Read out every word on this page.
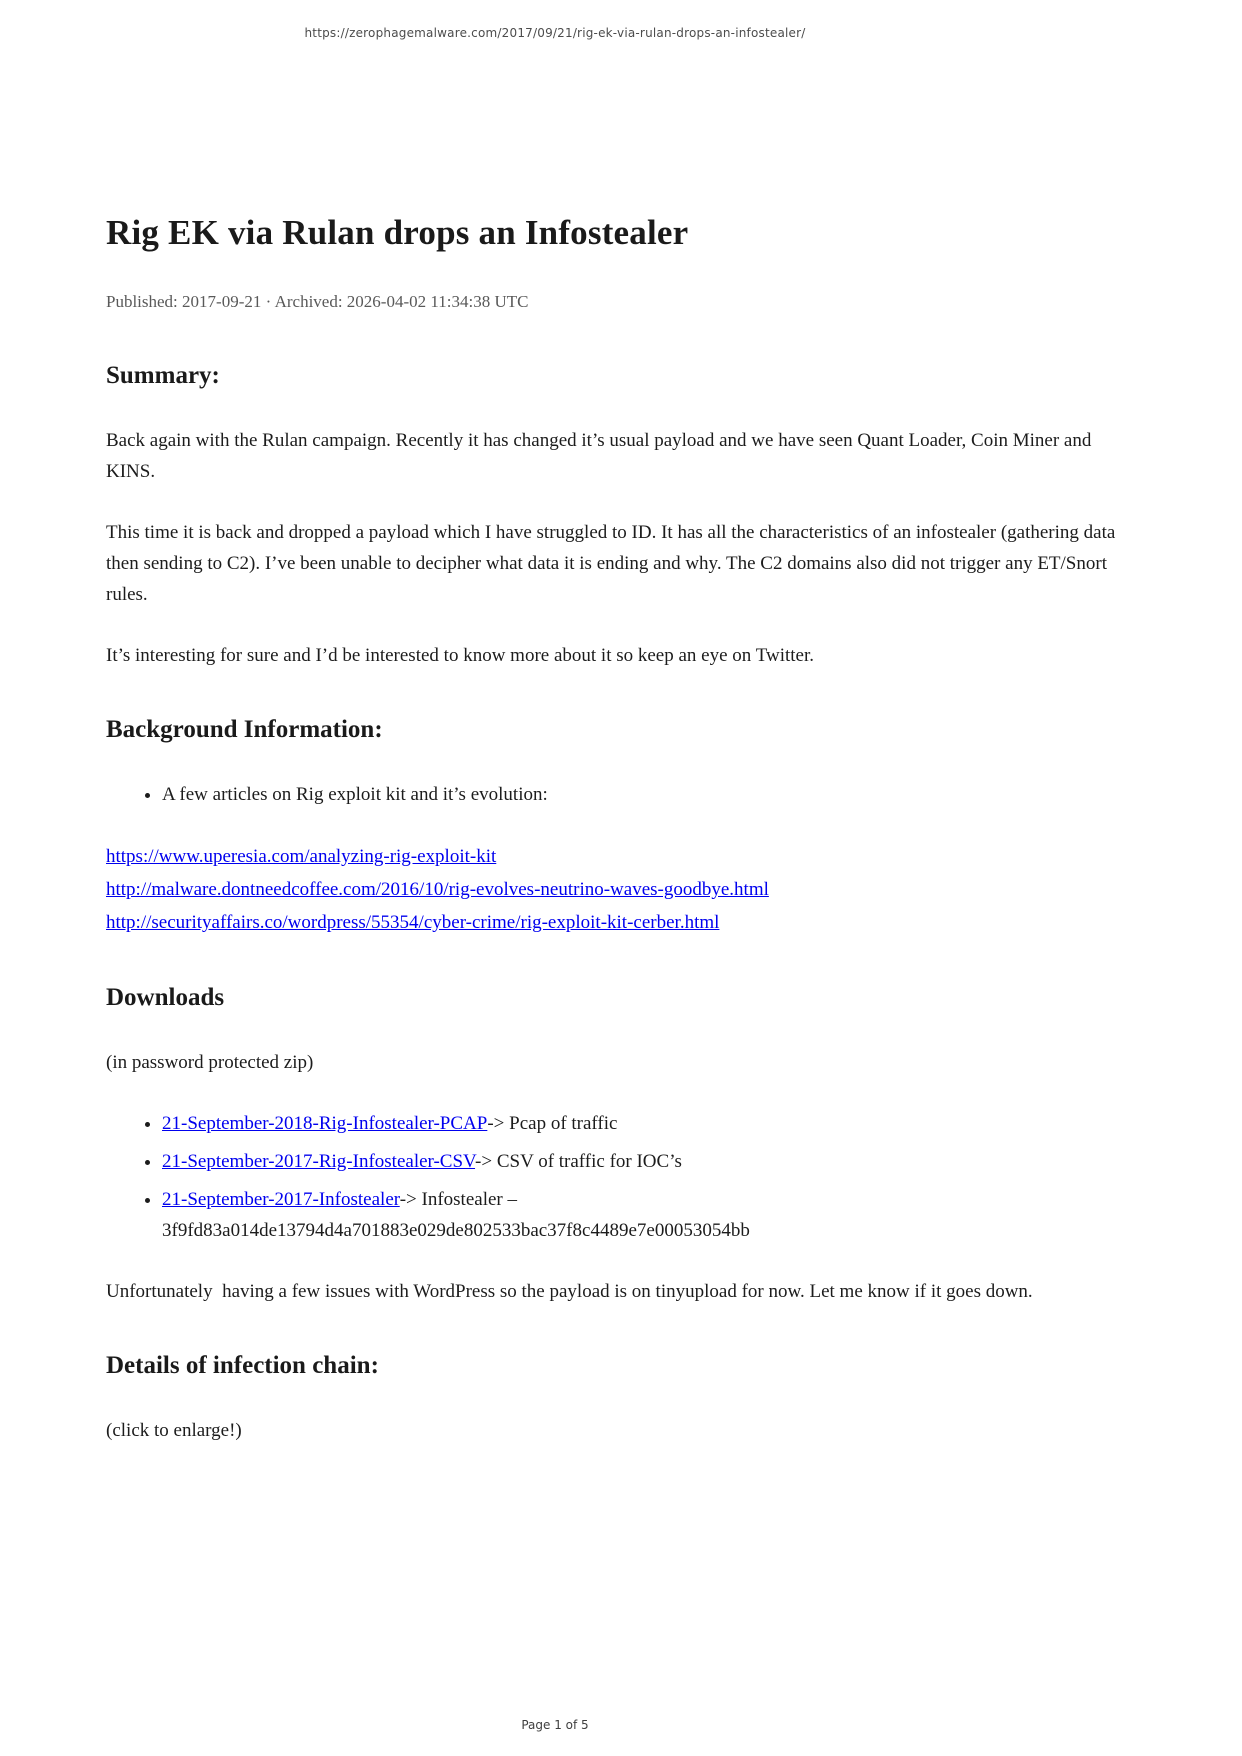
https://zerophagemalware.com/2017/09/21/rig-ek-via-rulan-drops-an-infostealer/
Rig EK via Rulan drops an Infostealer

Published: 2017-09-21 · Archived: 2026-04-02 11:34:38 UTC

Summary:

Back again with the Rulan campaign. Recently it has changed it’s usual payload and we have seen Quant Loader, Coin Miner and KINS.

This time it is back and dropped a payload which I have struggled to ID. It has all the characteristics of an infostealer (gathering data then sending to C2). I’ve been unable to decipher what data it is ending and why. The C2 domains also did not trigger any ET/Snort rules.

It’s interesting for sure and I’d be interested to know more about it so keep an eye on Twitter.

Background Information:
• A few articles on Rig exploit kit and it’s evolution:
https://www.uperesia.com/analyzing-rig-exploit-kit
http://malware.dontneedcoffee.com/2016/10/rig-evolves-neutrino-waves-goodbye.html
http://securityaffairs.co/wordpress/55354/cyber-crime/rig-exploit-kit-cerber.html
Downloads

(in password protected zip)

• 21-September-2018-Rig-Infostealer-PCAP-> Pcap of traffic
• 21-September-2017-Rig-Infostealer-CSV-> CSV of traffic for IOC’s
• 21-September-2017-Infostealer-> Infostealer –
3f9fd83a014de13794d4a701883e029de802533bac37f8c4489e7e00053054bb

Unfortunately  having a few issues with WordPress so the payload is on tinyupload for now. Let me know if it goes down.

Details of infection chain:

(click to enlarge!)

Page 1 of 5
